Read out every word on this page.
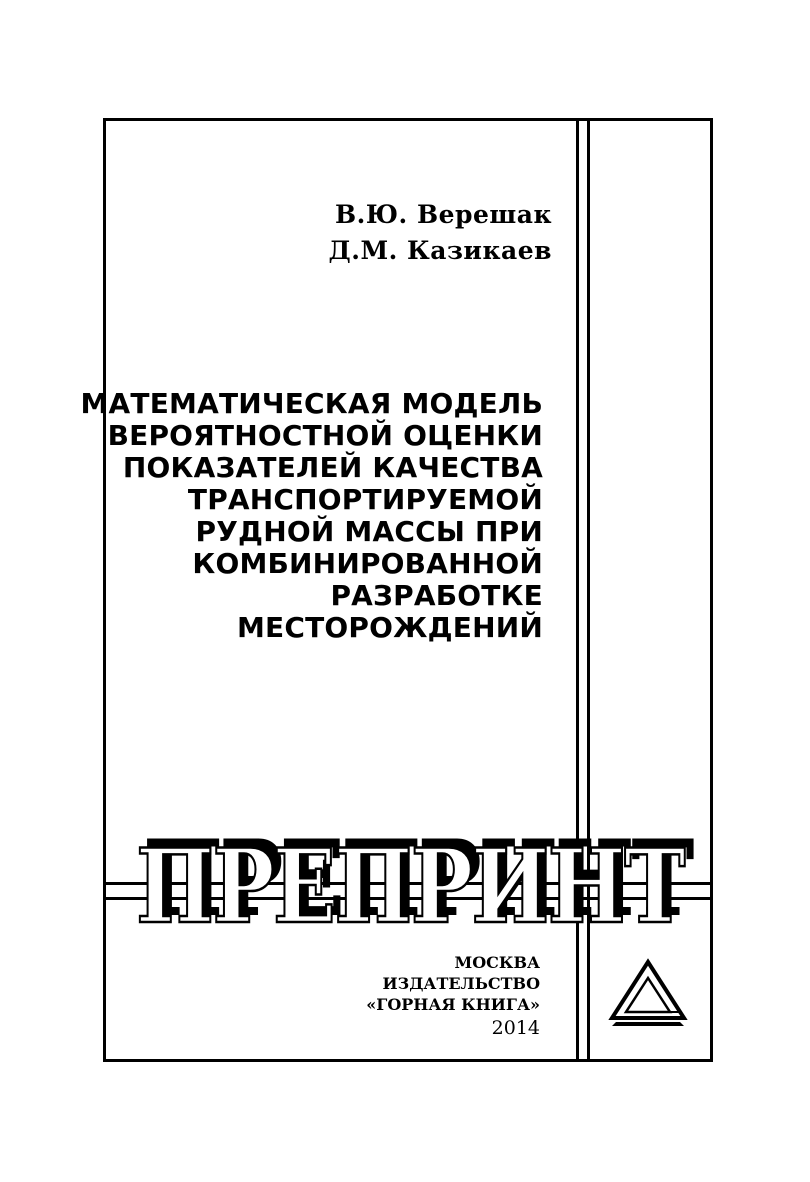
В.Ю. Верешак
Д.М. Казикаев
МАТЕМАТИЧЕСКАЯ МОДЕЛЬ
ВЕРОЯТНОСТНОЙ ОЦЕНКИ
ПОКАЗАТЕЛЕЙ КАЧЕСТВА
ТРАНСПОРТИРУЕМОЙ
РУДНОЙ МАССЫ ПРИ
КОМБИНИРОВАННОЙ
РАЗРАБОТКЕ
МЕСТОРОЖДЕНИЙ
ПРЕПРИНТ
ПРЕПРИНТ
МОСКВА
ИЗДАТЕЛЬСТВО
«ГОРНАЯ КНИГА»
2014
